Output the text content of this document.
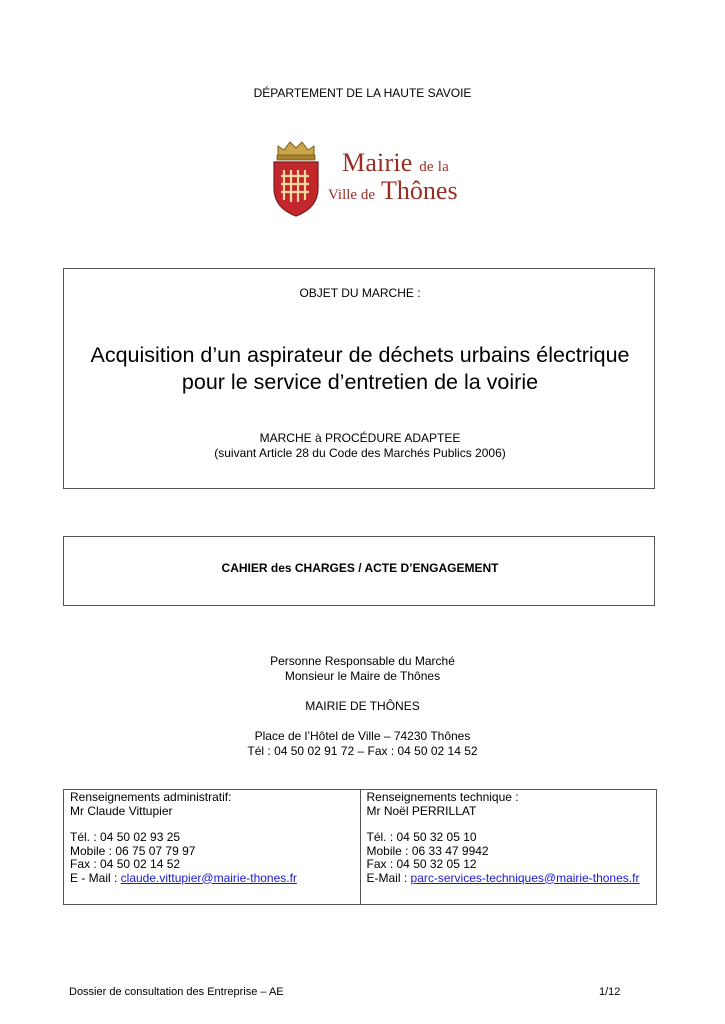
DÉPARTEMENT DE LA HAUTE SAVOIE
Mairie de la
Ville de Thônes
OBJET DU MARCHE :
Acquisition d’un aspirateur de déchets urbains électrique
pour le service d’entretien de la voirie
MARCHE à PROCÉDURE ADAPTEE
(suivant Article 28 du Code des Marchés Publics 2006)
CAHIER des CHARGES / ACTE D’ENGAGEMENT
Personne Responsable du Marché
Monsieur le Maire de Thônes
MAIRIE DE THÔNES
Place de l’Hôtel de Ville – 74230 Thônes
Tél : 04 50 02 91 72 – Fax : 04 50 02 14 52
Renseignements administratif:
Mr Claude Vittupier
Tél. : 04 50 02 93 25
Mobile : 06 75 07 79 97
Fax : 04 50 02 14 52
E - Mail : claude.vittupier@mairie-thones.fr

Renseignements technique :
Mr Noël PERRILLAT
Tél. : 04 50 32 05 10
Mobile : 06 33 47 9942
Fax : 04 50 32 05 12
E-Mail : parc-services-techniques@mairie-thones.fr
Dossier de consultation des Entreprise – AE	1/12
